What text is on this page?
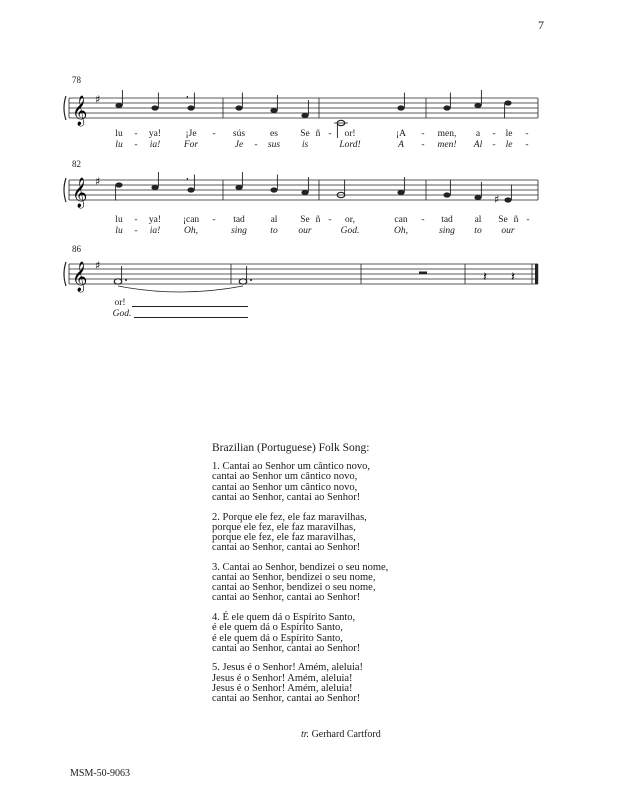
7
78
𝄞 ♯	,
lu - ya!	¡Je - sús	es Se ñ - or!	¡A - men, a - le -
lu - ia! For	Je - sus is	Lord!	A - men! Al - le -
82
𝄞 ♯	,
♯
lu - ya! ¡can - tad	al Se ñ - or,	can - tad al Se ñ -
lu - ia! Oh,	sing to our	God.	Oh,	sing to our
86
𝄞 ♯
𝄽 𝄽
or!
God.
Brazilian (Portuguese) Folk Song:
1. Cantai ao Senhor um cântico novo,
cantai ao Senhor um cântico novo,
cantai ao Senhor um cântico novo,
cantai ao Senhor, cantai ao Senhor!
2. Porque ele fez, ele faz maravilhas,
porque ele fez, ele faz maravilhas,
porque ele fez, ele faz maravilhas,
cantai ao Senhor, cantai ao Senhor!
3. Cantai ao Senhor, bendizei o seu nome,
cantai ao Senhor, bendizei o seu nome,
cantai ao Senhor, bendizei o seu nome,
cantai ao Senhor, cantai ao Senhor!
4. É ele quem dá o Espírito Santo,
é ele quem dá o Espírito Santo,
é ele quem dá o Espírito Santo,
cantai ao Senhor, cantai ao Senhor!
5. Jesus é o Senhor! Amém, aleluia!
Jesus é o Senhor! Amém, aleluia!
Jesus é o Senhor! Amém, aleluia!
cantai ao Senhor, cantai ao Senhor!
tr. Gerhard Cartford
MSM-50-9063
